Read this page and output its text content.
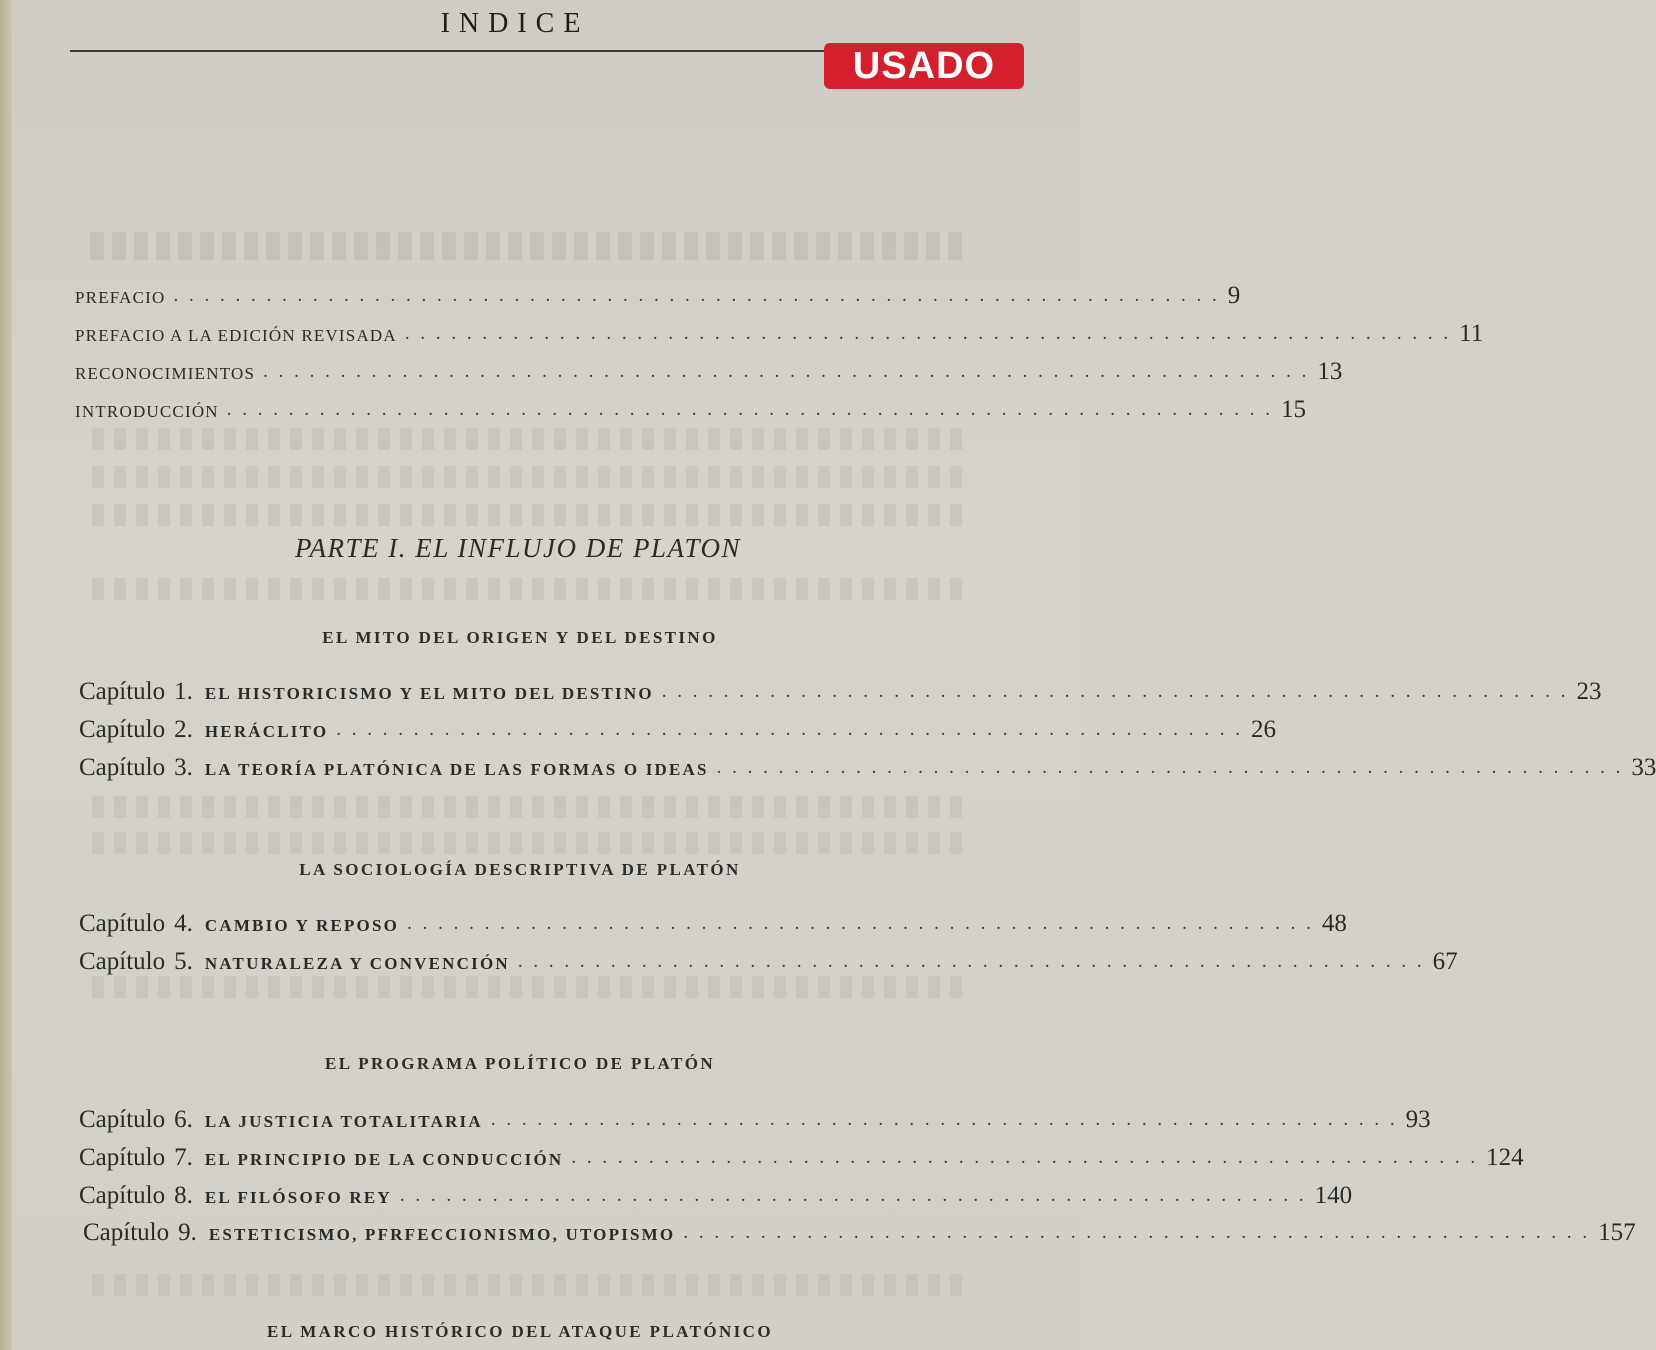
INDICE
USADO
PREFACIO . . . . . . . . . . . . . . . . . . . . . . . . . . . . . . . . . . . . . . . . . . . . . . . . . . . . . . . . . . . . . . . . . . . . 9
PREFACIO A LA EDICIÓN REVISADA . . . . . . . . . . . . . . . . . . . . . . . . . . . . . . . . . . . . . . . . . . . . . . . . . . . . . . . . . . . . . . . . . . . . 11
RECONOCIMIENTOS . . . . . . . . . . . . . . . . . . . . . . . . . . . . . . . . . . . . . . . . . . . . . . . . . . . . . . . . . . . . . . . . . . . . 13
INTRODUCCIÓN . . . . . . . . . . . . . . . . . . . . . . . . . . . . . . . . . . . . . . . . . . . . . . . . . . . . . . . . . . . . . . . . . . . . 15
PARTE I. EL INFLUJO DE PLATON
EL MITO DEL ORIGEN Y DEL DESTINO
Capítulo 1. EL HISTORICISMO Y EL MITO DEL DESTINO . . . . . . . . . . . . . . . . . . . . . . . . . . . . . . . . . . . . . . . . . . . . . . . . . . . . . . . . . . . 23
Capítulo 2. HERÁCLITO . . . . . . . . . . . . . . . . . . . . . . . . . . . . . . . . . . . . . . . . . . . . . . . . . . . . . . . . . . . 26
Capítulo 3. LA TEORÍA PLATÓNICA DE LAS FORMAS O IDEAS . . . . . . . . . . . . . . . . . . . . . . . . . . . . . . . . . . . . . . . . . . . . . . . . . . . . . . . . . . . 33
LA SOCIOLOGÍA DESCRIPTIVA DE PLATÓN
Capítulo 4. CAMBIO Y REPOSO . . . . . . . . . . . . . . . . . . . . . . . . . . . . . . . . . . . . . . . . . . . . . . . . . . . . . . . . . . . 48
Capítulo 5. NATURALEZA Y CONVENCIÓN . . . . . . . . . . . . . . . . . . . . . . . . . . . . . . . . . . . . . . . . . . . . . . . . . . . . . . . . . . . 67
EL PROGRAMA POLÍTICO DE PLATÓN
Capítulo 6. LA JUSTICIA TOTALITARIA . . . . . . . . . . . . . . . . . . . . . . . . . . . . . . . . . . . . . . . . . . . . . . . . . . . . . . . . . . . 93
Capítulo 7. EL PRINCIPIO DE LA CONDUCCIÓN . . . . . . . . . . . . . . . . . . . . . . . . . . . . . . . . . . . . . . . . . . . . . . . . . . . . . . . . . . . 124
Capítulo 8. EL FILÓSOFO REY . . . . . . . . . . . . . . . . . . . . . . . . . . . . . . . . . . . . . . . . . . . . . . . . . . . . . . . . . . . 140
Capítulo 9. ESTETICISMO, PFRFECCIONISMO, UTOPISMO . . . . . . . . . . . . . . . . . . . . . . . . . . . . . . . . . . . . . . . . . . . . . . . . . . . . . . . . . . . 157
EL MARCO HISTÓRICO DEL ATAQUE PLATÓNICO
